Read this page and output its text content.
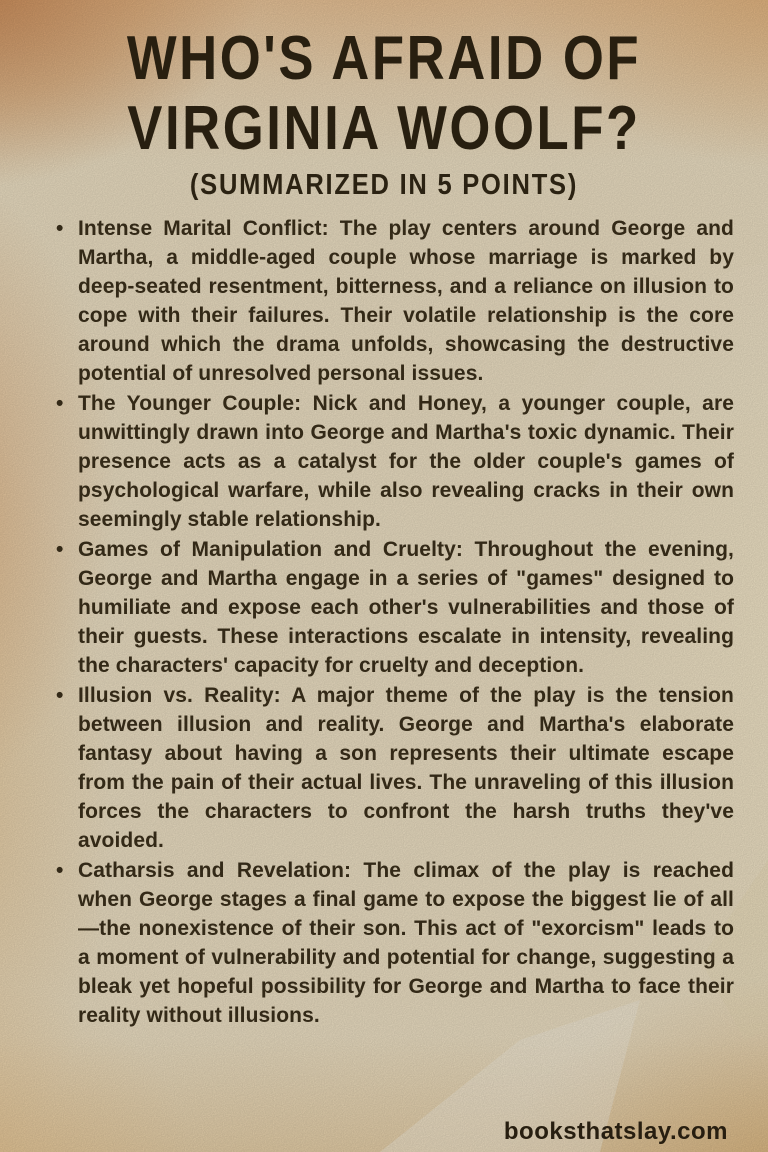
WHO'S AFRAID OF
VIRGINIA WOOLF?
(SUMMARIZED IN 5 POINTS)
• Intense Marital Conflict: The play centers around George and Martha, a middle-aged couple whose marriage is marked by deep-seated resentment, bitterness, and a reliance on illusion to cope with their failures. Their volatile relationship is the core around which the drama unfolds, showcasing the destructive potential of unresolved personal issues.
• The Younger Couple: Nick and Honey, a younger couple, are unwittingly drawn into George and Martha's toxic dynamic. Their presence acts as a catalyst for the older couple's games of psychological warfare, while also revealing cracks in their own seemingly stable relationship.
• Games of Manipulation and Cruelty: Throughout the evening, George and Martha engage in a series of "games" designed to humiliate and expose each other's vulnerabilities and those of their guests. These interactions escalate in intensity, revealing the characters' capacity for cruelty and deception.
• Illusion vs. Reality: A major theme of the play is the tension between illusion and reality. George and Martha's elaborate fantasy about having a son represents their ultimate escape from the pain of their actual lives. The unraveling of this illusion forces the characters to confront the harsh truths they've avoided.
• Catharsis and Revelation: The climax of the play is reached when George stages a final game to expose the biggest lie of all—the nonexistence of their son. This act of "exorcism" leads to a moment of vulnerability and potential for change, suggesting a bleak yet hopeful possibility for George and Martha to face their reality without illusions.
booksthatslay.com
